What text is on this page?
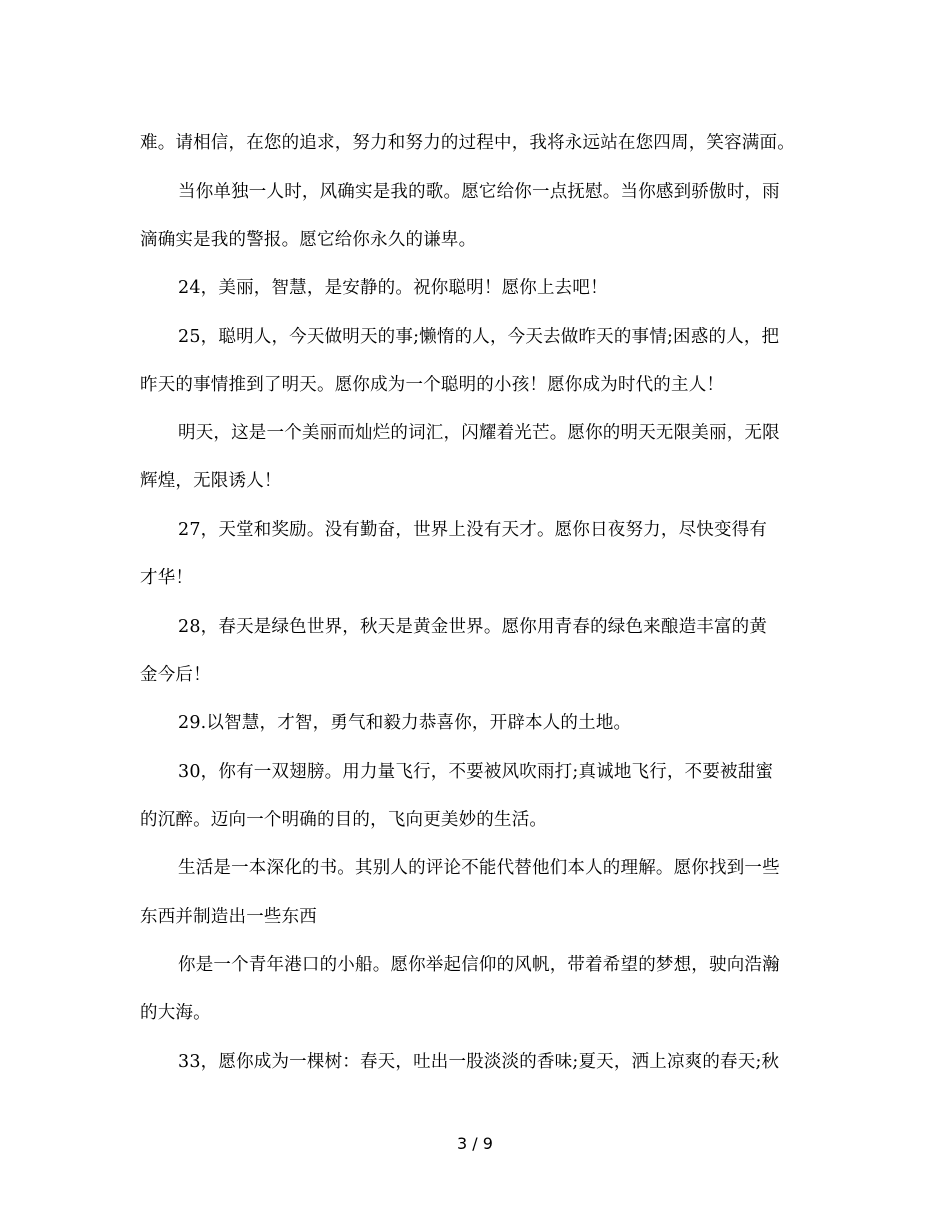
难。请相信，在您的追求，努力和努力的过程中，我将永远站在您四周，笑容满面。
当你单独一人时，风确实是我的歌。愿它给你一点抚慰。当你感到骄傲时，雨
滴确实是我的警报。愿它给你永久的谦卑。
24，美丽，智慧，是安静的。祝你聪明！愿你上去吧！
25，聪明人，今天做明天的事;懒惰的人，今天去做昨天的事情;困惑的人，把
昨天的事情推到了明天。愿你成为一个聪明的小孩！愿你成为时代的主人！
明天，这是一个美丽而灿烂的词汇，闪耀着光芒。愿你的明天无限美丽，无限
辉煌，无限诱人！
27，天堂和奖励。没有勤奋，世界上没有天才。愿你日夜努力，尽快变得有
才华！
28，春天是绿色世界，秋天是黄金世界。愿你用青春的绿色来酿造丰富的黄
金今后！
29.以智慧，才智，勇气和毅力恭喜你，开辟本人的土地。
30，你有一双翅膀。用力量飞行，不要被风吹雨打;真诚地飞行，不要被甜蜜
的沉醉。迈向一个明确的目的，飞向更美妙的生活。
生活是一本深化的书。其别人的评论不能代替他们本人的理解。愿你找到一些
东西并制造出一些东西
你是一个青年港口的小船。愿你举起信仰的风帆，带着希望的梦想，驶向浩瀚
的大海。
33，愿你成为一棵树：春天，吐出一股淡淡的香味;夏天，洒上凉爽的春天;秋
3 / 9
